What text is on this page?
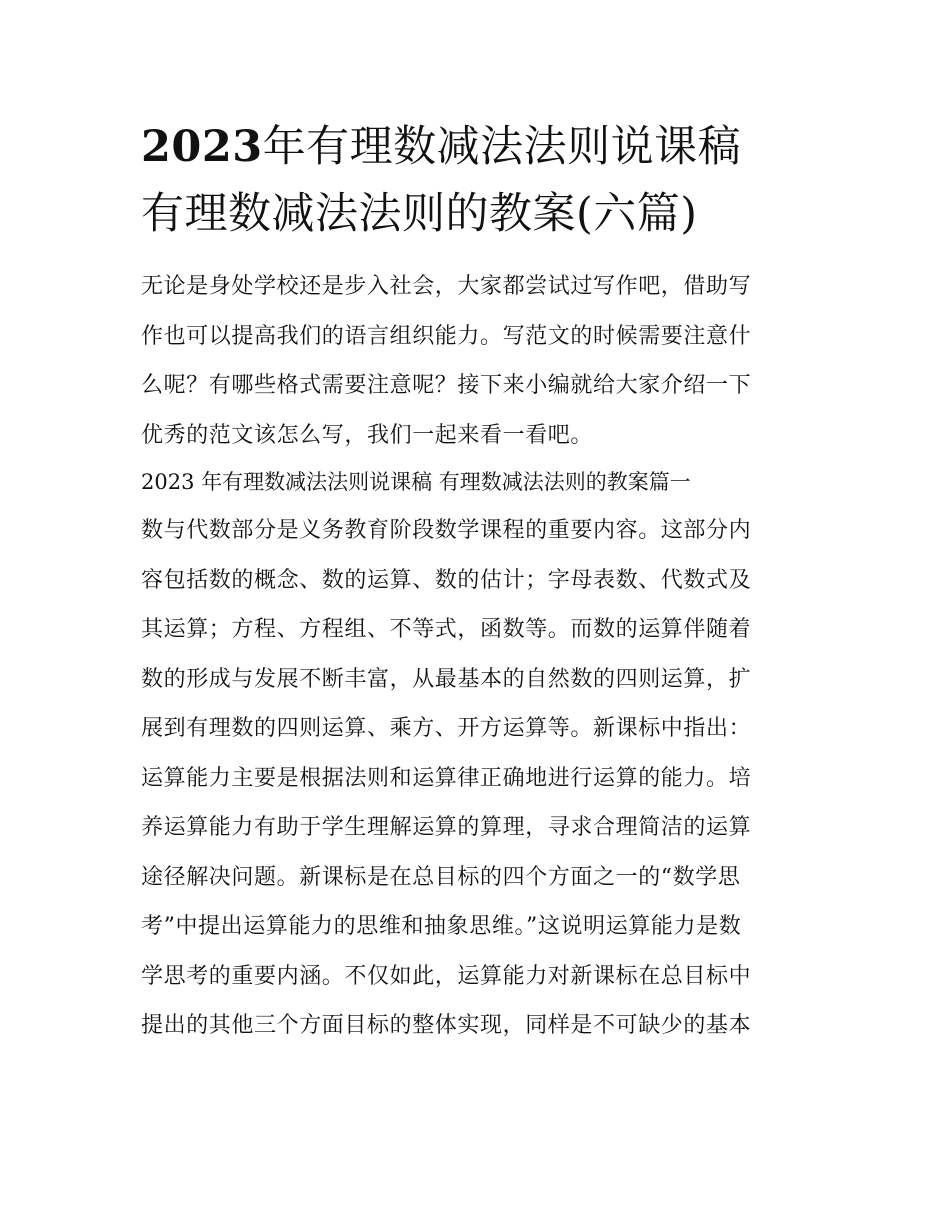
2023年有理数减法法则说课稿
有理数减法法则的教案(六篇)

无论是身处学校还是步入社会，大家都尝试过写作吧，借助写
作也可以提高我们的语言组织能力。写范文的时候需要注意什
么呢？有哪些格式需要注意呢？接下来小编就给大家介绍一下
优秀的范文该怎么写，我们一起来看一看吧。

2023 年有理数减法法则说课稿 有理数减法法则的教案篇一

数与代数部分是义务教育阶段数学课程的重要内容。这部分内
容包括数的概念、数的运算、数的估计；字母表数、代数式及
其运算；方程、方程组、不等式，函数等。而数的运算伴随着
数的形成与发展不断丰富，从最基本的自然数的四则运算，扩
展到有理数的四则运算、乘方、开方运算等。新课标中指出：
运算能力主要是根据法则和运算律正确地进行运算的能力。培
养运算能力有助于学生理解运算的算理，寻求合理简洁的运算
途径解决问题。新课标是在总目标的四个方面之一的“数学思
考”中提出运算能力的思维和抽象思维。”这说明运算能力是数
学思考的重要内涵。不仅如此，运算能力对新课标在总目标中
提出的其他三个方面目标的整体实现，同样是不可缺少的基本
